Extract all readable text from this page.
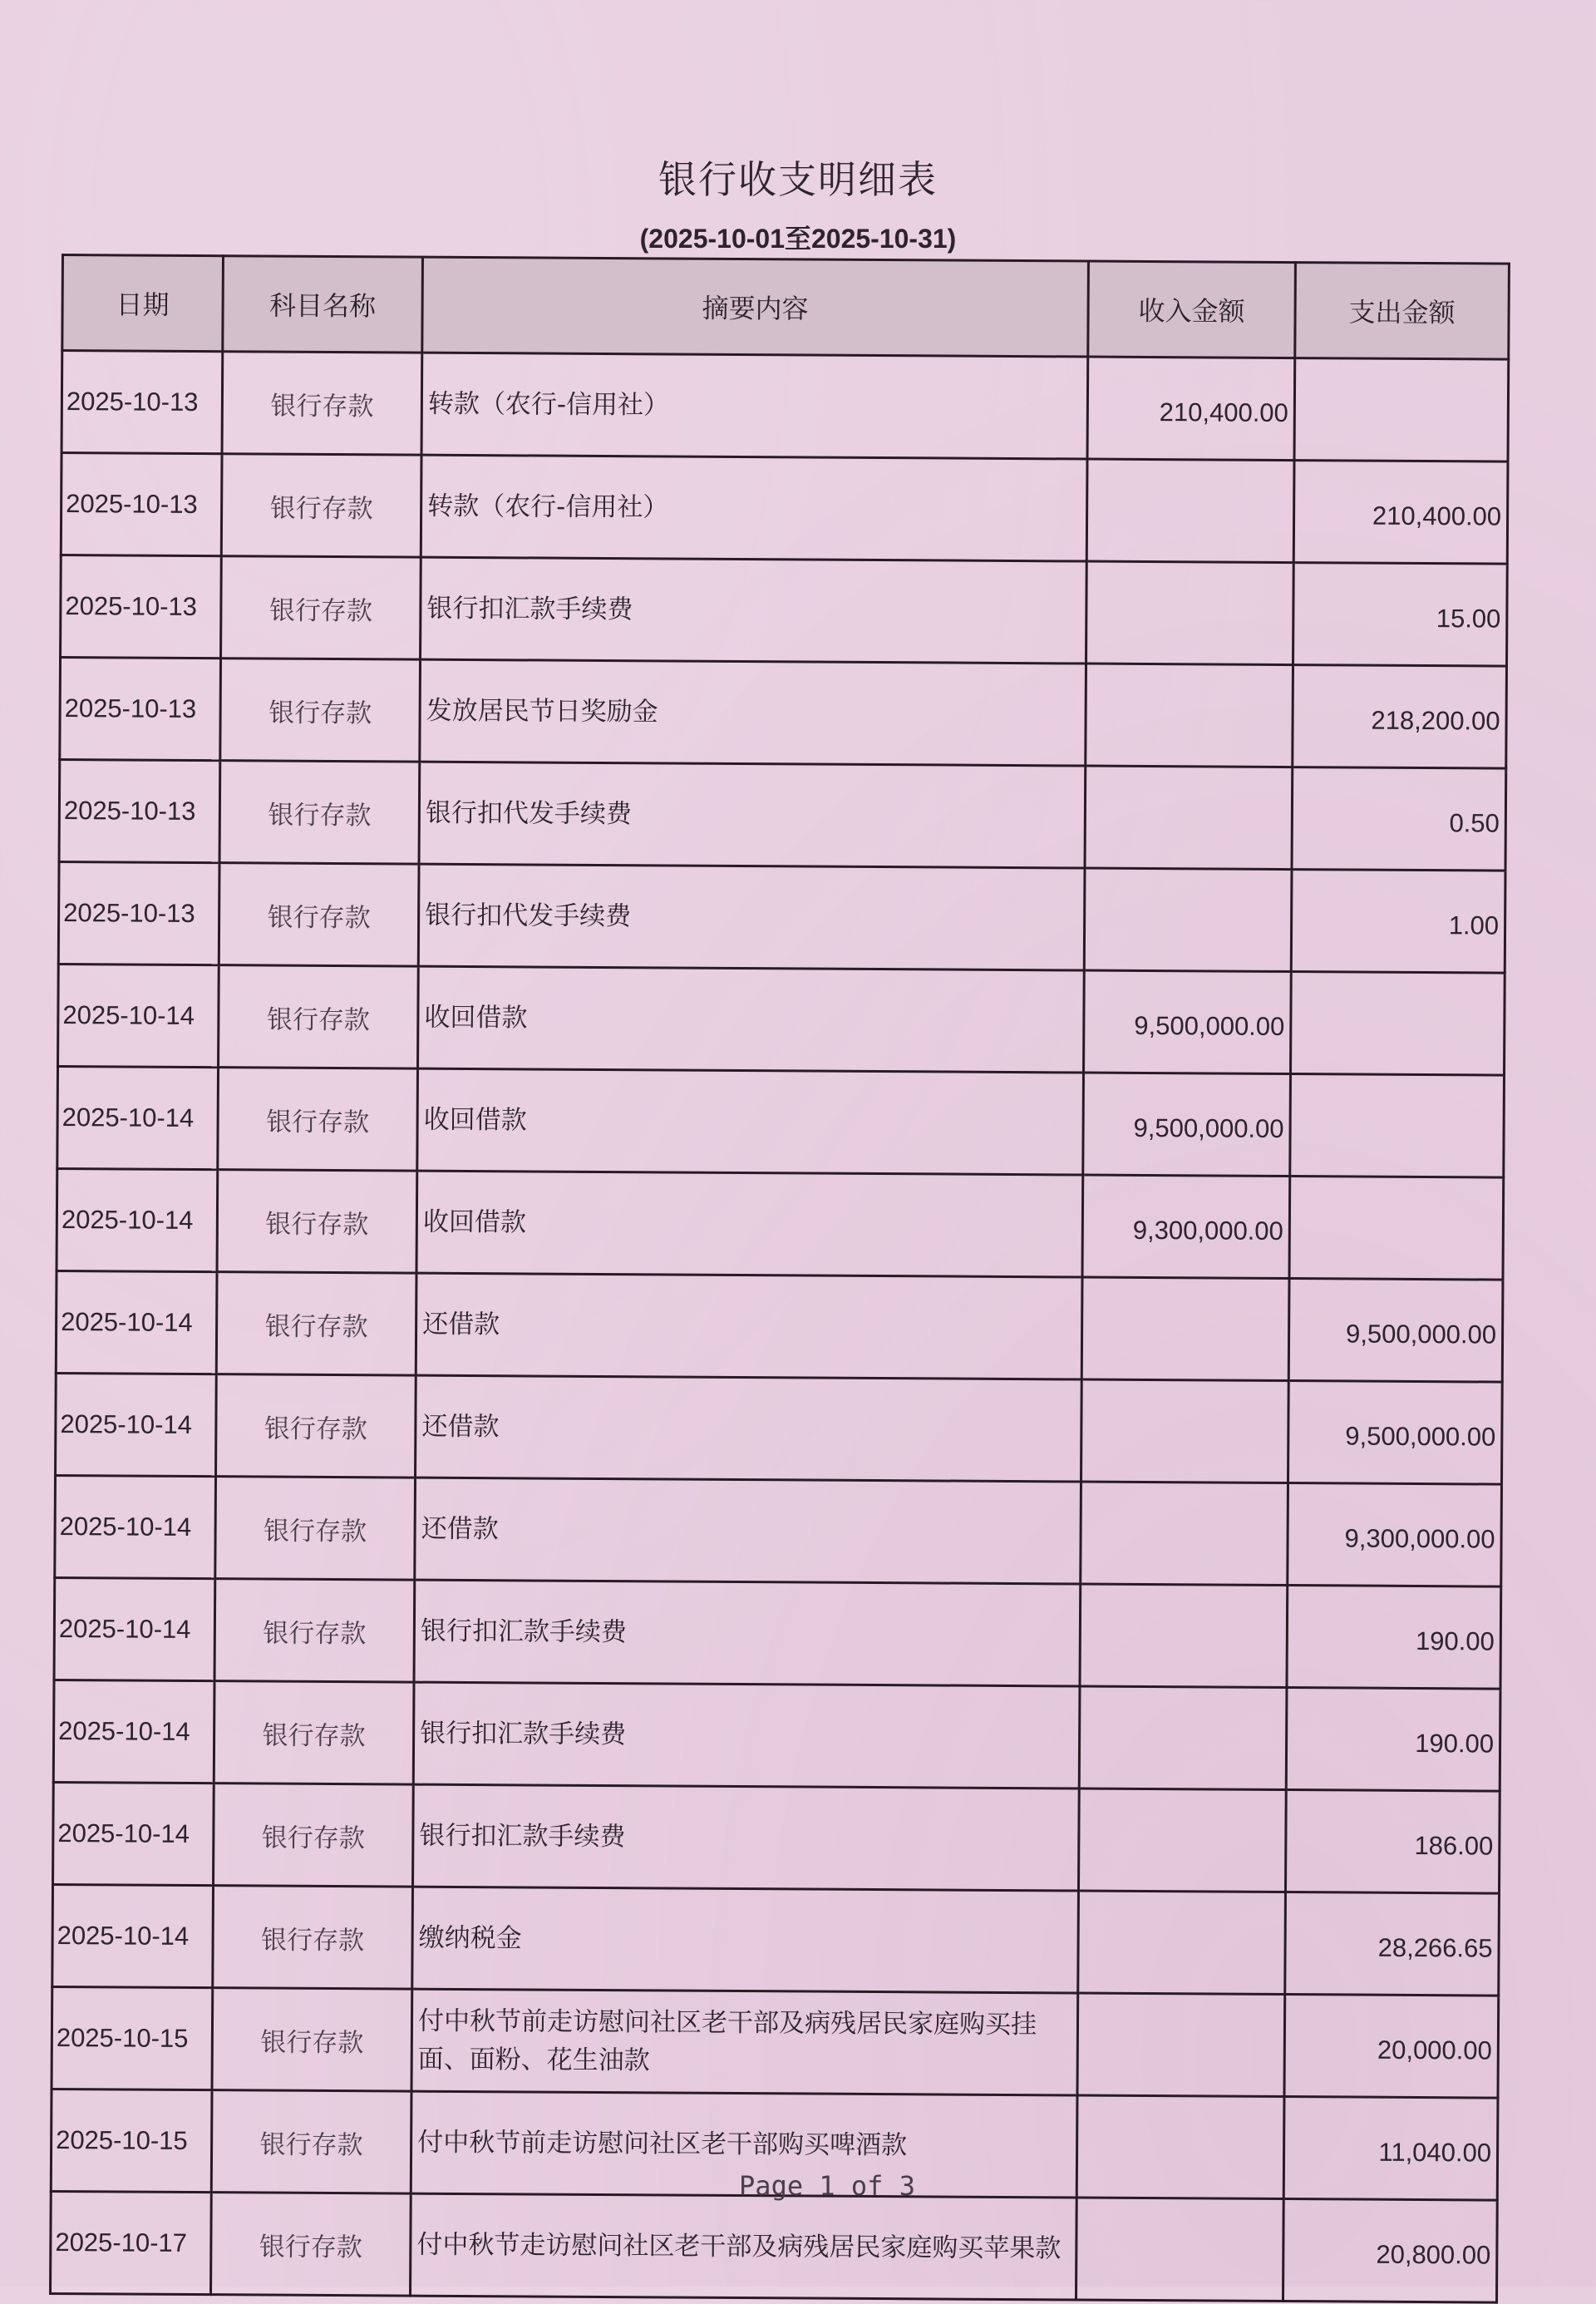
银行收支明细表
(2025-10-01至2025-10-31)
日期	科目名称	摘要内容	收入金额	支出金额
2025-10-13	银行存款	转款（农行-信用社）	210,400.00	
2025-10-13	银行存款	转款（农行-信用社）		210,400.00
2025-10-13	银行存款	银行扣汇款手续费		15.00
2025-10-13	银行存款	发放居民节日奖励金		218,200.00
2025-10-13	银行存款	银行扣代发手续费		0.50
2025-10-13	银行存款	银行扣代发手续费		1.00
2025-10-14	银行存款	收回借款	9,500,000.00	
2025-10-14	银行存款	收回借款	9,500,000.00	
2025-10-14	银行存款	收回借款	9,300,000.00	
2025-10-14	银行存款	还借款		9,500,000.00
2025-10-14	银行存款	还借款		9,500,000.00
2025-10-14	银行存款	还借款		9,300,000.00
2025-10-14	银行存款	银行扣汇款手续费		190.00
2025-10-14	银行存款	银行扣汇款手续费		190.00
2025-10-14	银行存款	银行扣汇款手续费		186.00
2025-10-14	银行存款	缴纳税金		28,266.65
2025-10-15	银行存款	付中秋节前走访慰问社区老干部及病残居民家庭购买挂面、面粉、花生油款		20,000.00
2025-10-15	银行存款	付中秋节前走访慰问社区老干部购买啤酒款		11,040.00
2025-10-17	银行存款	付中秋节走访慰问社区老干部及病残居民家庭购买苹果款		20,800.00
Page 1 of 3
